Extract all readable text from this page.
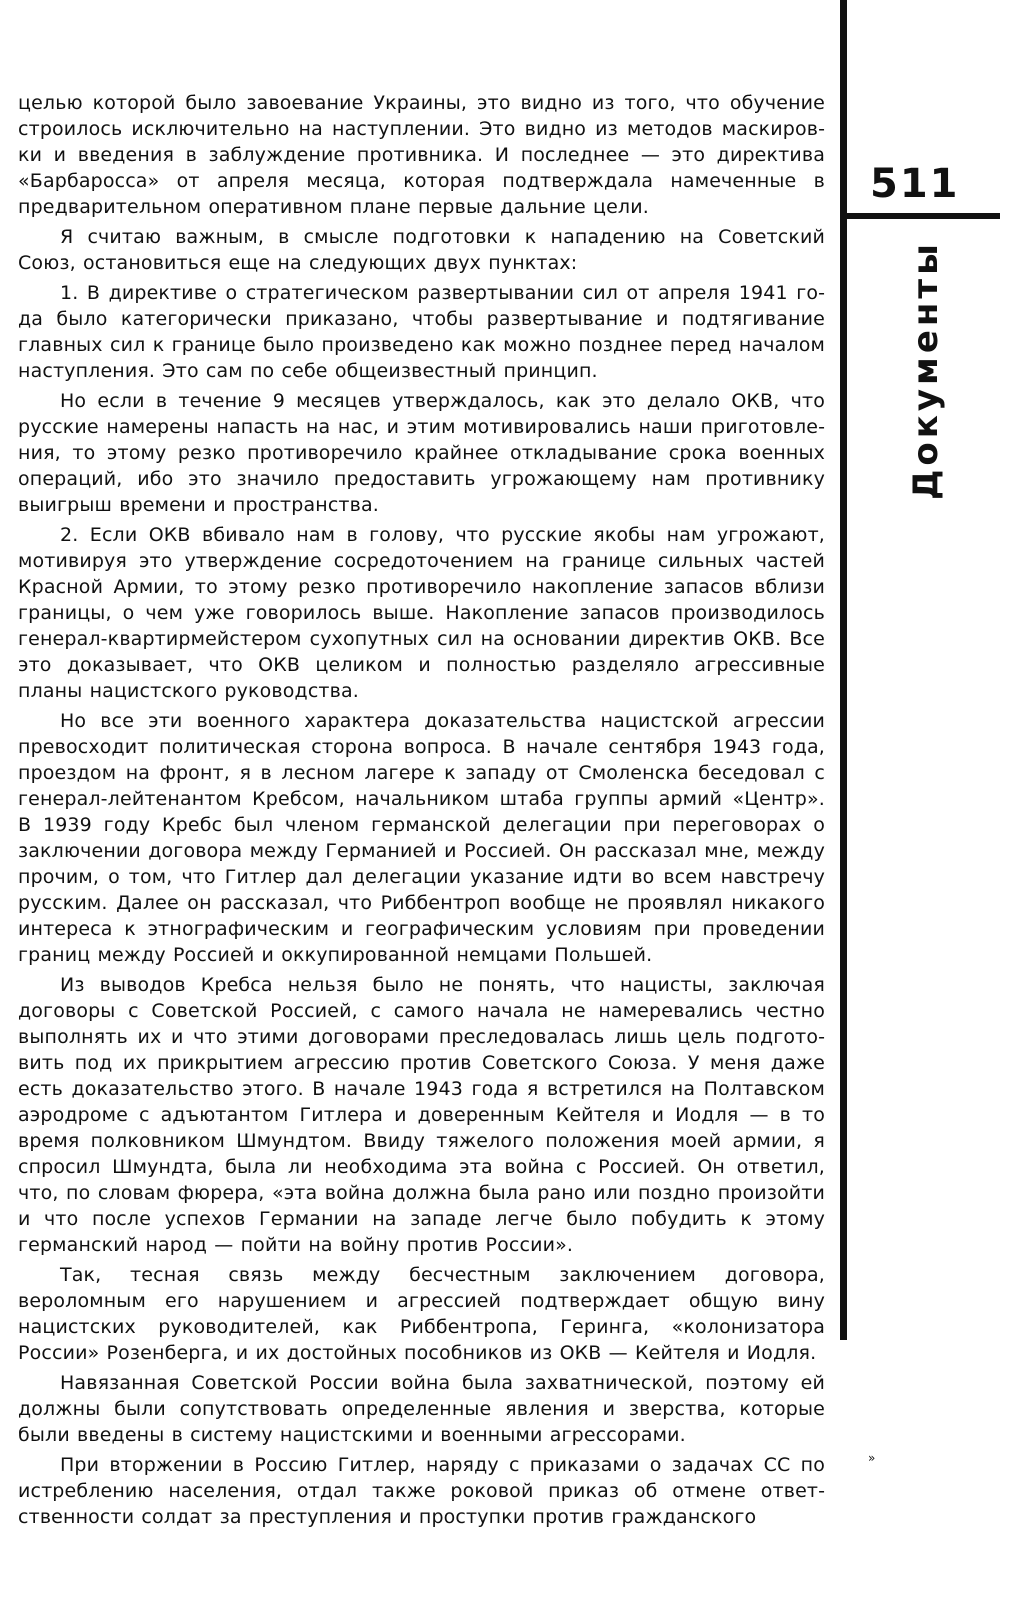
511
Документы
»

целью которой было завоевание Украины, это видно из того, что обучение строилось исключительно на наступлении. Это видно из методов маскировки и введения в заблуждение противника. И последнее — это директива «Барбаросса» от апреля месяца, которая подтверждала намеченные в предварительном оперативном плане первые дальние цели.

Я считаю важным, в смысле подготовки к нападению на Советский Союз, остановиться еще на следующих двух пунктах:

1. В директиве о стратегическом развертывании сил от апреля 1941 года было категорически приказано, чтобы развертывание и подтягивание главных сил к границе было произведено как можно позднее перед началом наступления. Это сам по себе общеизвестный принцип.

Но если в течение 9 месяцев утверждалось, как это делало ОКВ, что русские намерены напасть на нас, и этим мотивировались наши приготовления, то этому резко противоречило крайнее откладывание срока военных операций, ибо это значило предоставить угрожающему нам противнику выигрыш времени и пространства.

2. Если ОКВ вбивало нам в голову, что русские якобы нам угрожают, мотивируя это утверждение сосредоточением на границе сильных частей Красной Армии, то этому резко противоречило накопление запасов вблизи границы, о чем уже говорилось выше. Накопление запасов производилось генерал-квартирмейстером сухопутных сил на основании директив ОКВ. Все это доказывает, что ОКВ целиком и полностью разделяло агрессивные планы нацистского руководства.

Но все эти военного характера доказательства нацистской агрессии превосходит политическая сторона вопроса. В начале сентября 1943 года, проездом на фронт, я в лесном лагере к западу от Смоленска беседовал с генерал-лейтенантом Кребсом, начальником штаба группы армий «Центр». В 1939 году Кребс был членом германской делегации при переговорах о заключении договора между Германией и Россией. Он рассказал мне, между прочим, о том, что Гитлер дал делегации указание идти во всем навстречу русским. Далее он рассказал, что Риббентроп вообще не проявлял никакого интереса к этнографическим и географическим условиям при проведении границ между Россией и оккупированной немцами Польшей.

Из выводов Кребса нельзя было не понять, что нацисты, заключая договоры с Советской Россией, с самого начала не намеревались честно выполнять их и что этими договорами преследовалась лишь цель подготовить под их прикрытием агрессию против Советского Союза. У меня даже есть доказательство этого. В начале 1943 года я встретился на Полтавском аэродроме с адъютантом Гитлера и доверенным Кейтеля и Иодля — в то время полковником Шмундтом. Ввиду тяжелого положения моей армии, я спросил Шмундта, была ли необходима эта война с Россией. Он ответил, что, по словам фюрера, «эта война должна была рано или поздно произойти и что после успехов Германии на западе легче было побудить к этому германский народ — пойти на войну против России».

Так, тесная связь между бесчестным заключением договора, вероломным его нарушением и агрессией подтверждает общую вину нацистских руководителей, как Риббентропа, Геринга, «колонизатора России» Розенберга, и их достойных пособников из ОКВ — Кейтеля и Иодля.

Навязанная Советской России война была захватнической, поэтому ей должны были сопутствовать определенные явления и зверства, которые были введены в систему нацистскими и военными агрессорами.

При вторжении в Россию Гитлер, наряду с приказами о задачах СС по истреблению населения, отдал также роковой приказ об отмене ответственности солдат за преступления и проступки против гражданского
